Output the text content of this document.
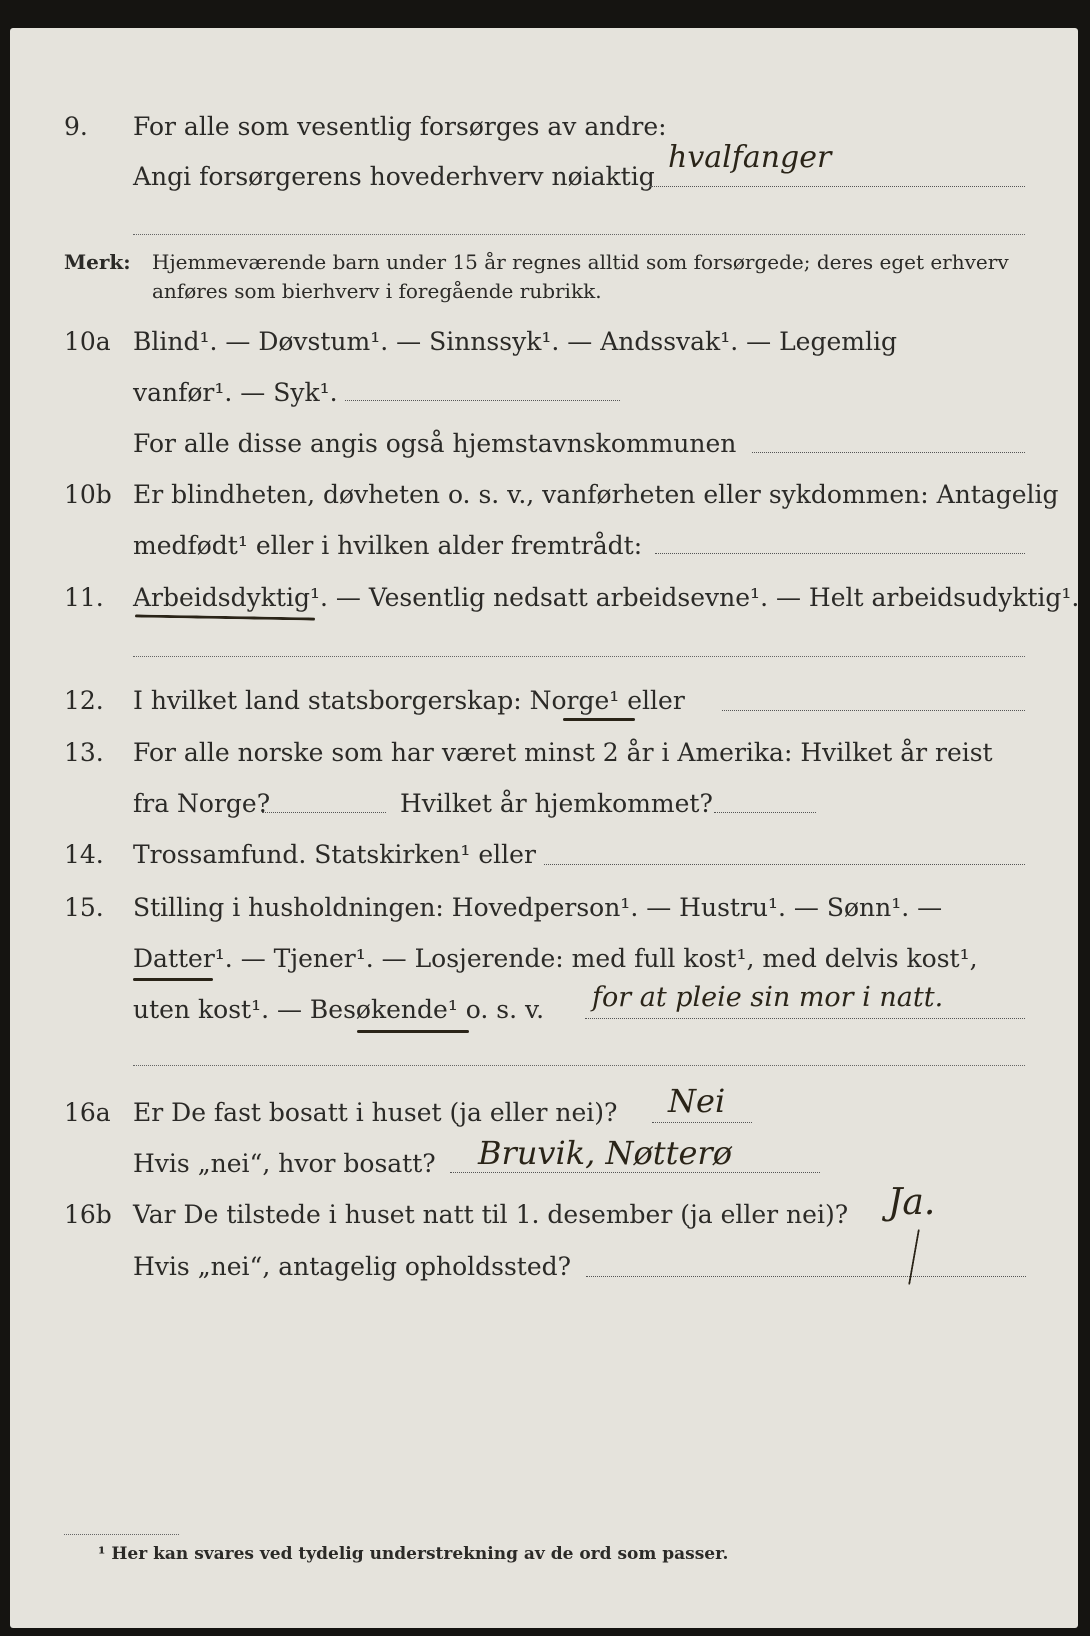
9. For alle som vesentlig forsørges av andre:
Angi forsørgerens hovederhverv nøiaktig
hvalfanger
Merk: Hjemmeværende barn under 15 år regnes alltid som forsørgede; deres eget erhverv
anføres som bierhverv i foregående rubrikk.
10a Blind¹. — Døvstum¹. — Sinnssyk¹. — Andssvak¹. — Legemlig
vanfør¹. — Syk¹.
For alle disse angis også hjemstavnskommunen
10b Er blindheten, døvheten o. s. v., vanførheten eller sykdommen: Antagelig
medfødt¹ eller i hvilken alder fremtrådt:
11. Arbeidsdyktig¹. — Vesentlig nedsatt arbeidsevne¹. — Helt arbeidsudyktig¹.
12. I hvilket land statsborgerskap: Norge¹ eller
13. For alle norske som har været minst 2 år i Amerika: Hvilket år reist
fra Norge?	Hvilket år hjemkommet?
14. Trossamfund. Statskirken¹ eller
15. Stilling i husholdningen: Hovedperson¹. — Hustru¹. — Sønn¹. —
Datter¹. — Tjener¹. — Losjerende: med full kost¹, med delvis kost¹,
uten kost¹. — Besøkende¹ o. s. v. for at pleie sin mor i natt.
16a Er De fast bosatt i huset (ja eller nei)? Nei
Hvis „nei“, hvor bosatt? Bruvik, Nøtterø
16b Var De tilstede i huset natt til 1. desember (ja eller nei)? Ja.
Hvis „nei“, antagelig opholdssted?
¹ Her kan svares ved tydelig understrekning av de ord som passer.
